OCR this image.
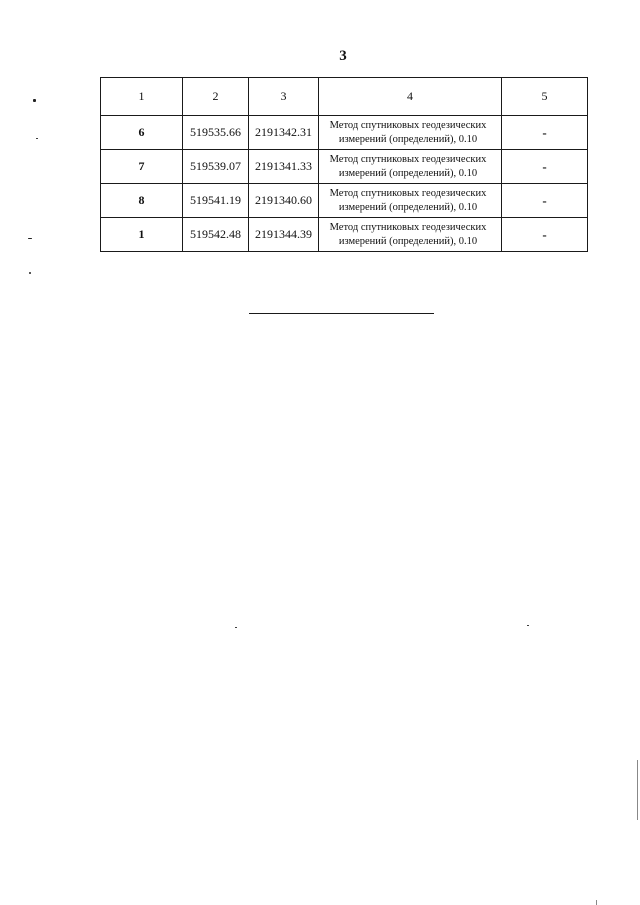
3
1	2	3	4	5
6	519535.66	2191342.31	Метод спутниковых геодезических измерений (определений), 0.10	-
7	519539.07	2191341.33	Метод спутниковых геодезических измерений (определений), 0.10	-
8	519541.19	2191340.60	Метод спутниковых геодезических измерений (определений), 0.10	-
1	519542.48	2191344.39	Метод спутниковых геодезических измерений (определений), 0.10	-
